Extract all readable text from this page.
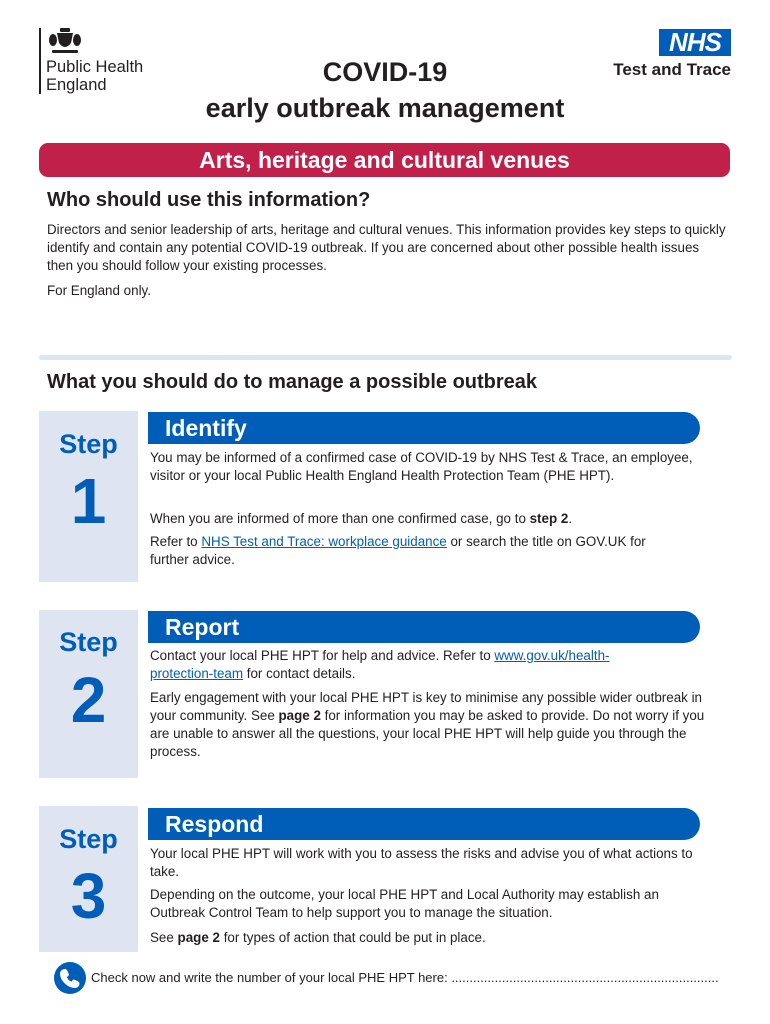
Public Health
England
NHS
Test and Trace
COVID-19
early outbreak management
Arts, heritage and cultural venues
Who should use this information?
Directors and senior leadership of arts, heritage and cultural venues. This information provides key steps to quickly identify and contain any potential COVID-19 outbreak. If you are concerned about other possible health issues then you should follow your existing processes.
For England only.
What you should do to manage a possible outbreak
Step
1
Identify
You may be informed of a confirmed case of COVID-19 by NHS Test & Trace, an employee, visitor or your local Public Health England Health Protection Team (PHE HPT).
When you are informed of more than one confirmed case, go to step 2.
Refer to NHS Test and Trace: workplace guidance or search the title on GOV.UK for further advice.
Step
2
Report
Contact your local PHE HPT for help and advice. Refer to www.gov.uk/health-protection-team for contact details.
Early engagement with your local PHE HPT is key to minimise any possible wider outbreak in your community. See page 2 for information you may be asked to provide. Do not worry if you are unable to answer all the questions, your local PHE HPT will help guide you through the process.
Step
3
Respond
Your local PHE HPT will work with you to assess the risks and advise you of what actions to take.
Depending on the outcome, your local PHE HPT and Local Authority may establish an Outbreak Control Team to help support you to manage the situation.
See page 2 for types of action that could be put in place.
Check now and write the number of your local PHE HPT here: ..........................................................................
